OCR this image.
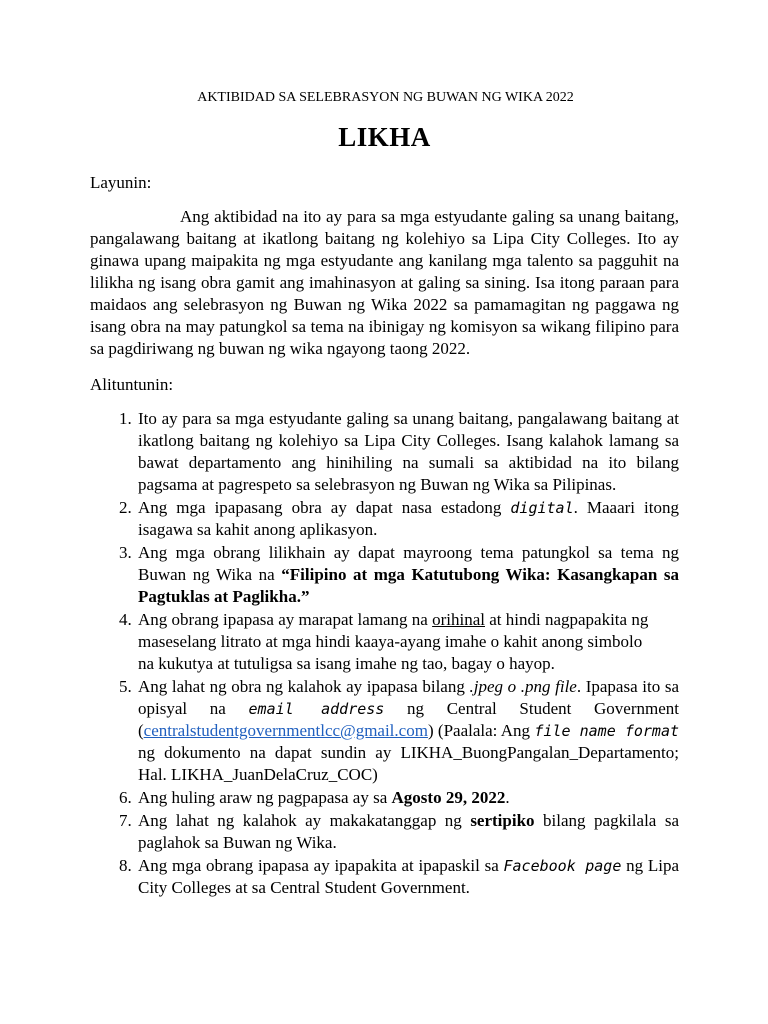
AKTIBIDAD SA SELEBRASYON NG BUWAN NG WIKA 2022
LIKHA
Layunin:
Ang aktibidad na ito ay para sa mga estyudante galing sa unang baitang, pangalawang baitang at ikatlong baitang ng kolehiyo sa Lipa City Colleges. Ito ay ginawa upang maipakita ng mga estyudante ang kanilang mga talento sa pagguhit na lilikha ng isang obra gamit ang imahinasyon at galing sa sining. Isa itong paraan para maidaos ang selebrasyon ng Buwan ng Wika 2022 sa pamamagitan ng paggawa ng isang obra na may patungkol sa tema na ibinigay ng komisyon sa wikang filipino para sa pagdiriwang ng buwan ng wika ngayong taong 2022.
Alituntunin:
1. Ito ay para sa mga estyudante galing sa unang baitang, pangalawang baitang at ikatlong baitang ng kolehiyo sa Lipa City Colleges. Isang kalahok lamang sa bawat departamento ang hinihiling na sumali sa aktibidad na ito bilang pagsama at pagrespeto sa selebrasyon ng Buwan ng Wika sa Pilipinas.
2. Ang mga ipapasang obra ay dapat nasa estadong digital. Maaari itong isagawa sa kahit anong aplikasyon.
3. Ang mga obrang lilikhain ay dapat mayroong tema patungkol sa tema ng Buwan ng Wika na “Filipino at mga Katutubong Wika: Kasangkapan sa Pagtuklas at Paglikha.”
4. Ang obrang ipapasa ay marapat lamang na orihinal at hindi nagpapakita ng
maseselang litrato at mga hindi kaaya-ayang imahe o kahit anong simbolo
na kukutya at tutuligsa sa isang imahe ng tao, bagay o hayop.
5. Ang lahat ng obra ng kalahok ay ipapasa bilang .jpeg o .png file. Ipapasa ito sa opisyal na email address ng Central Student Government (centralstudentgovernmentlcc@gmail.com) (Paalala: Ang file name format ng dokumento na dapat sundin ay LIKHA_BuongPangalan_Departamento; Hal. LIKHA_JuanDelaCruz_COC)
6. Ang huling araw ng pagpapasa ay sa Agosto 29, 2022.
7. Ang lahat ng kalahok ay makakatanggap ng sertipiko bilang pagkilala sa paglahok sa Buwan ng Wika.
8. Ang mga obrang ipapasa ay ipapakita at ipapaskil sa Facebook page ng Lipa City Colleges at sa Central Student Government.
